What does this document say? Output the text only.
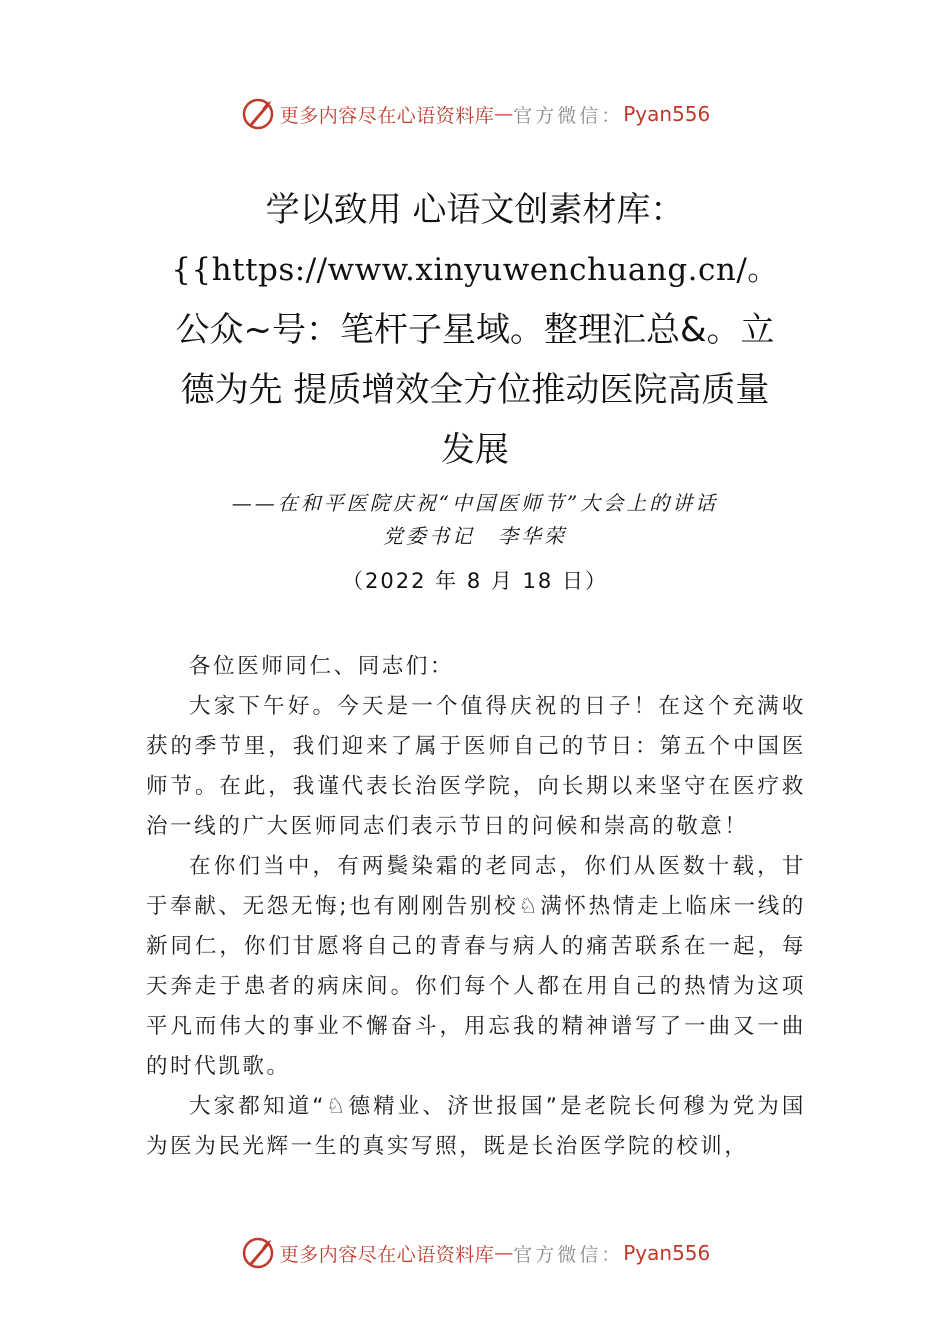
更多内容尽在心语资料库 — 官方微信： Pyan556
学以致用 心语文创素材库：
{{https://www.xinyuwenchuang.cn/。
公众~号：笔杆子星域。整理汇总&。立
德为先 提质增效全方位推动医院高质量
发展
——在和平医院庆祝“中国医师节”大会上的讲话
党委书记　李华荣
（2022 年 8 月 18 日）

各位医师同仁、同志们：

大家下午好。今天是一个值得庆祝的日子！在这个充满收获的季节里，我们迎来了属于医师自己的节日：第五个中国医师节。在此，我谨代表长治医学院，向长期以来坚守在医疗救治一线的广大医师同志们表示节日的问候和崇高的敬意！

在你们当中，有两鬓染霜的老同志，你们从医数十载，甘于奉献、无怨无悔;也有刚刚告别校♘满怀热情走上临床一线的新同仁，你们甘愿将自己的青春与病人的痛苦联系在一起，每天奔走于患者的病床间。你们每个人都在用自己的热情为这项平凡而伟大的事业不懈奋斗，用忘我的精神谱写了一曲又一曲的时代凯歌。

大家都知道“♘德精业、济世报国”是老院长何穆为党为国为医为民光辉一生的真实写照，既是长治医学院的校训，

更多内容尽在心语资料库 — 官方微信： Pyan556
